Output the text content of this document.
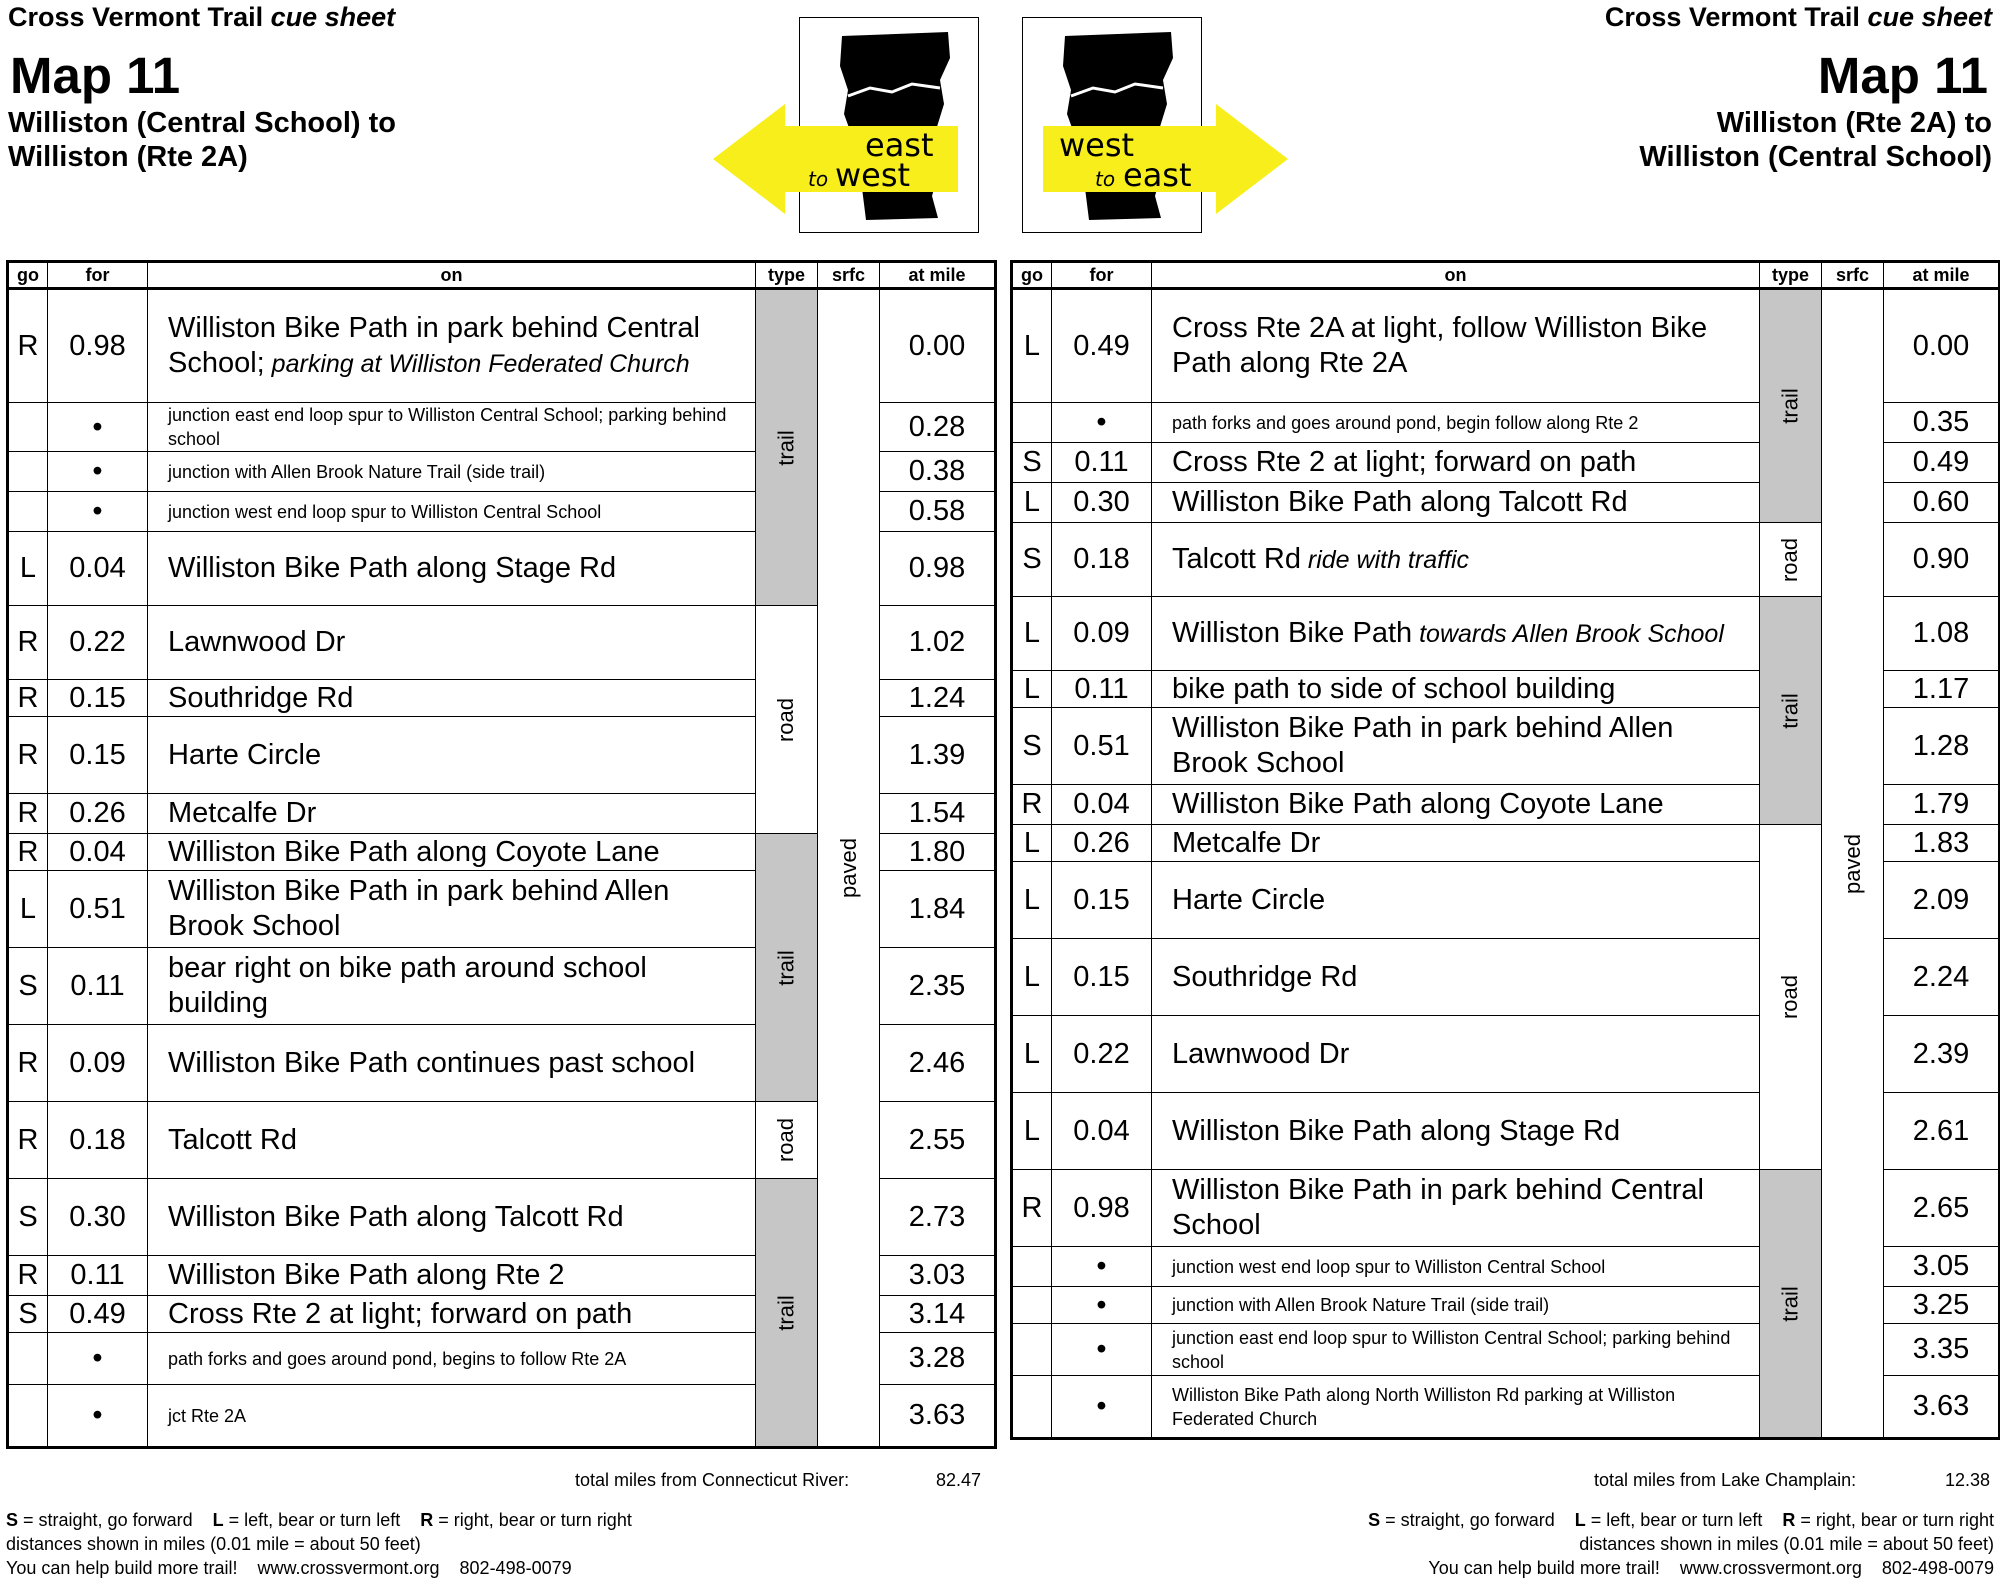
Cross Vermont Trail cue sheet
Map 11
Williston (Central School) to
Williston (Rte 2A)
Cross Vermont Trail cue sheet
Map 11
Williston (Rte 2A) to
Williston (Central School)
east
to west
west
to east
go	for	on	type	srfc	at mile
R	0.98	Williston Bike Path in park behind Central School; parking at Williston Federated Church	trail	paved	0.00
	•	junction east end loop spur to Williston Central School; parking behind school			0.28
	•	junction with Allen Brook Nature Trail (side trail)			0.38
	•	junction west end loop spur to Williston Central School			0.58
L	0.04	Williston Bike Path along Stage Rd			0.98
R	0.22	Lawnwood Dr	road		1.02
R	0.15	Southridge Rd			1.24
R	0.15	Harte Circle			1.39
R	0.26	Metcalfe Dr			1.54
R	0.04	Williston Bike Path along Coyote Lane	trail		1.80
L	0.51	Williston Bike Path in park behind Allen Brook School			1.84
S	0.11	bear right on bike path around school building			2.35
R	0.09	Williston Bike Path continues past school			2.46
R	0.18	Talcott Rd	road		2.55
S	0.30	Williston Bike Path along Talcott Rd	trail		2.73
R	0.11	Williston Bike Path along Rte 2			3.03
S	0.49	Cross Rte 2 at light; forward on path			3.14
	•	path forks and goes around pond, begins to follow Rte 2A			3.28
	•	jct Rte 2A			3.63
go	for	on	type	srfc	at mile
L	0.49	Cross Rte 2A at light, follow Williston Bike Path along Rte 2A	trail	paved	0.00
	•	path forks and goes around pond, begin follow along Rte 2			0.35
S	0.11	Cross Rte 2 at light; forward on path			0.49
L	0.30	Williston Bike Path along Talcott Rd			0.60
S	0.18	Talcott Rd ride with traffic	road		0.90
L	0.09	Williston Bike Path towards Allen Brook School	trail		1.08
L	0.11	bike path to side of school building			1.17
S	0.51	Williston Bike Path in park behind Allen Brook School			1.28
R	0.04	Williston Bike Path along Coyote Lane			1.79
L	0.26	Metcalfe Dr	road		1.83
L	0.15	Harte Circle			2.09
L	0.15	Southridge Rd			2.24
L	0.22	Lawnwood Dr			2.39
L	0.04	Williston Bike Path along Stage Rd			2.61
R	0.98	Williston Bike Path in park behind Central School	trail		2.65
	•	junction west end loop spur to Williston Central School			3.05
	•	junction with Allen Brook Nature Trail (side trail)			3.25
	•	junction east end loop spur to Williston Central School; parking behind school			3.35
	•	Williston Bike Path along North Williston Rd parking at Williston Federated Church			3.63
total miles from Connecticut River:	82.47	total miles from Lake Champlain:	12.38
S = straight, go forward L = left, bear or turn left R = right, bear or turn right
distances shown in miles (0.01 mile = about 50 feet)
You can help build more trail!    www.crossvermont.org    802-498-0079
S = straight, go forward L = left, bear or turn left R = right, bear or turn right
distances shown in miles (0.01 mile = about 50 feet)
You can help build more trail!    www.crossvermont.org    802-498-0079
